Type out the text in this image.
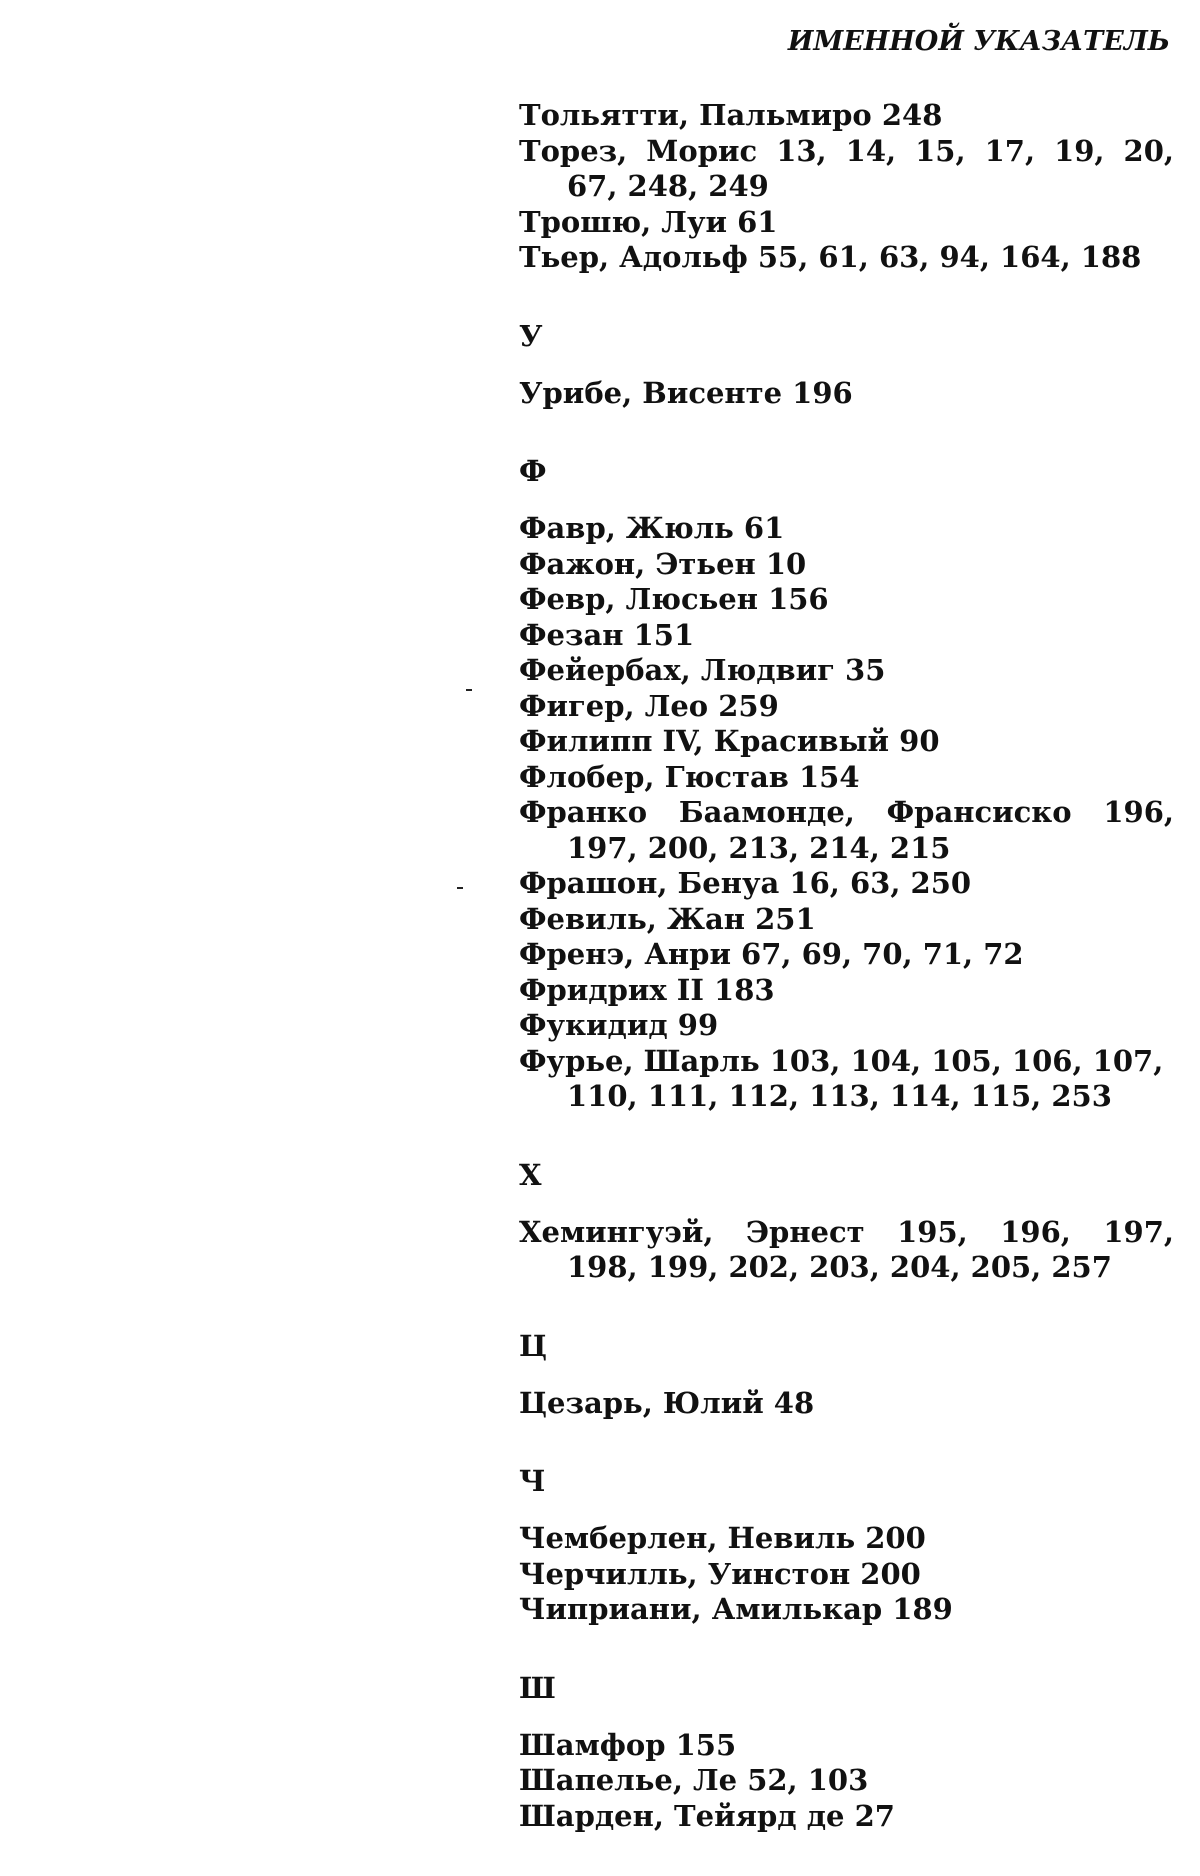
ИМЕННОЙ УКАЗАТЕЛЬ
Тольятти, Пальмиро 248
Торез, Морис 13, 14, 15, 17, 19, 20,
67, 248, 249
Трошю, Луи 61
Тьер, Адольф 55, 61, 63, 94, 164, 188
У
Урибе, Висенте 196
Ф
Фавр, Жюль 61
Фажон, Этьен 10
Февр, Люсьен 156
Фезан 151
Фейербах, Людвиг 35
Фигер, Лео 259
Филипп IV, Красивый 90
Флобер, Гюстав 154
Франко Баамонде, Франсиско 196,
197, 200, 213, 214, 215
Фрашон, Бенуа 16, 63, 250
Февиль, Жан 251
Френэ, Анри 67, 69, 70, 71, 72
Фридрих II 183
Фукидид 99
Фурье, Шарль 103, 104, 105, 106, 107,
110, 111, 112, 113, 114, 115, 253
Х
Хемингуэй, Эрнест 195, 196, 197,
198, 199, 202, 203, 204, 205, 257
Ц
Цезарь, Юлий 48
Ч
Чемберлен, Невиль 200
Черчилль, Уинстон 200
Чиприани, Амилькар 189
Ш
Шамфор 155
Шапелье, Ле 52, 103
Шарден, Тейярд де 27
